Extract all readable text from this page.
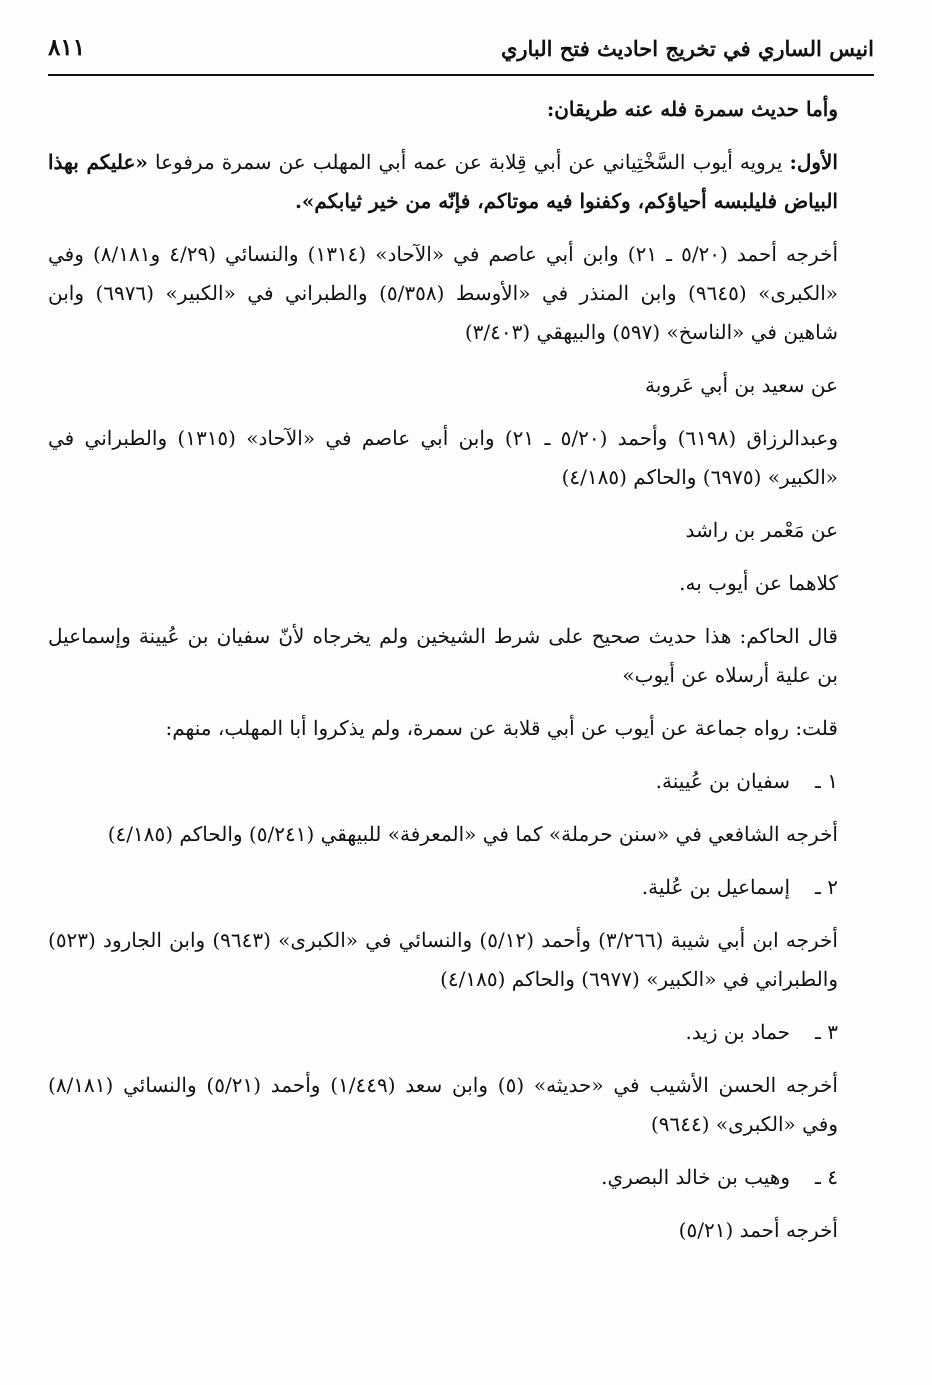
انيس الساري في تخريج احاديث فتح الباري
٨١١

وأما حديث سمرة فله عنه طريقان:

الأول: يرويه أيوب السَّخْتِياني عن أبي قِلابة عن عمه أبي المهلب عن سمرة مرفوعا «عليكم بهذا البياض فليلبسه أحياؤكم، وكفنوا فيه موتاكم، فإنّه من خير ثيابكم».

أخرجه أحمد (٥/٢٠ ـ ٢١) وابن أبي عاصم في «الآحاد» (١٣١٤) والنسائي (٤/٢٩ و٨/١٨١) وفي «الكبرى» (٩٦٤٥) وابن المنذر في «الأوسط (٥/٣٥٨) والطبراني في «الكبير» (٦٩٧٦) وابن شاهين في «الناسخ» (٥٩٧) والبيهقي (٣/٤٠٣)

عن سعيد بن أبي عَروبة

وعبدالرزاق (٦١٩٨) وأحمد (٥/٢٠ ـ ٢١) وابن أبي عاصم في «الآحاد» (١٣١٥) والطبراني في «الكبير» (٦٩٧٥) والحاكم (٤/١٨٥)

عن مَعْمر بن راشد

كلاهما عن أيوب به.

قال الحاكم: هذا حديث صحيح على شرط الشيخين ولم يخرجاه لأنّ سفيان بن عُيينة وإسماعيل بن علية أرسلاه عن أيوب»

قلت: رواه جماعة عن أيوب عن أبي قلابة عن سمرة، ولم يذكروا أبا المهلب، منهم:

١ ـسفيان بن عُيينة.

أخرجه الشافعي في «سنن حرملة» كما في «المعرفة» للبيهقي (٥/٢٤١) والحاكم (٤/١٨٥)

٢ ـإسماعيل بن عُلية.

أخرجه ابن أبي شيبة (٣/٢٦٦) وأحمد (٥/١٢) والنسائي في «الكبرى» (٩٦٤٣) وابن الجارود (٥٢٣) والطبراني في «الكبير» (٦٩٧٧) والحاكم (٤/١٨٥)

٣ ـحماد بن زيد.

أخرجه الحسن الأشيب في «حديثه» (٥) وابن سعد (١/٤٤٩) وأحمد (٥/٢١) والنسائي (٨/١٨١) وفي «الكبرى» (٩٦٤٤)

٤ ـوهيب بن خالد البصري.

أخرجه أحمد (٥/٢١)
